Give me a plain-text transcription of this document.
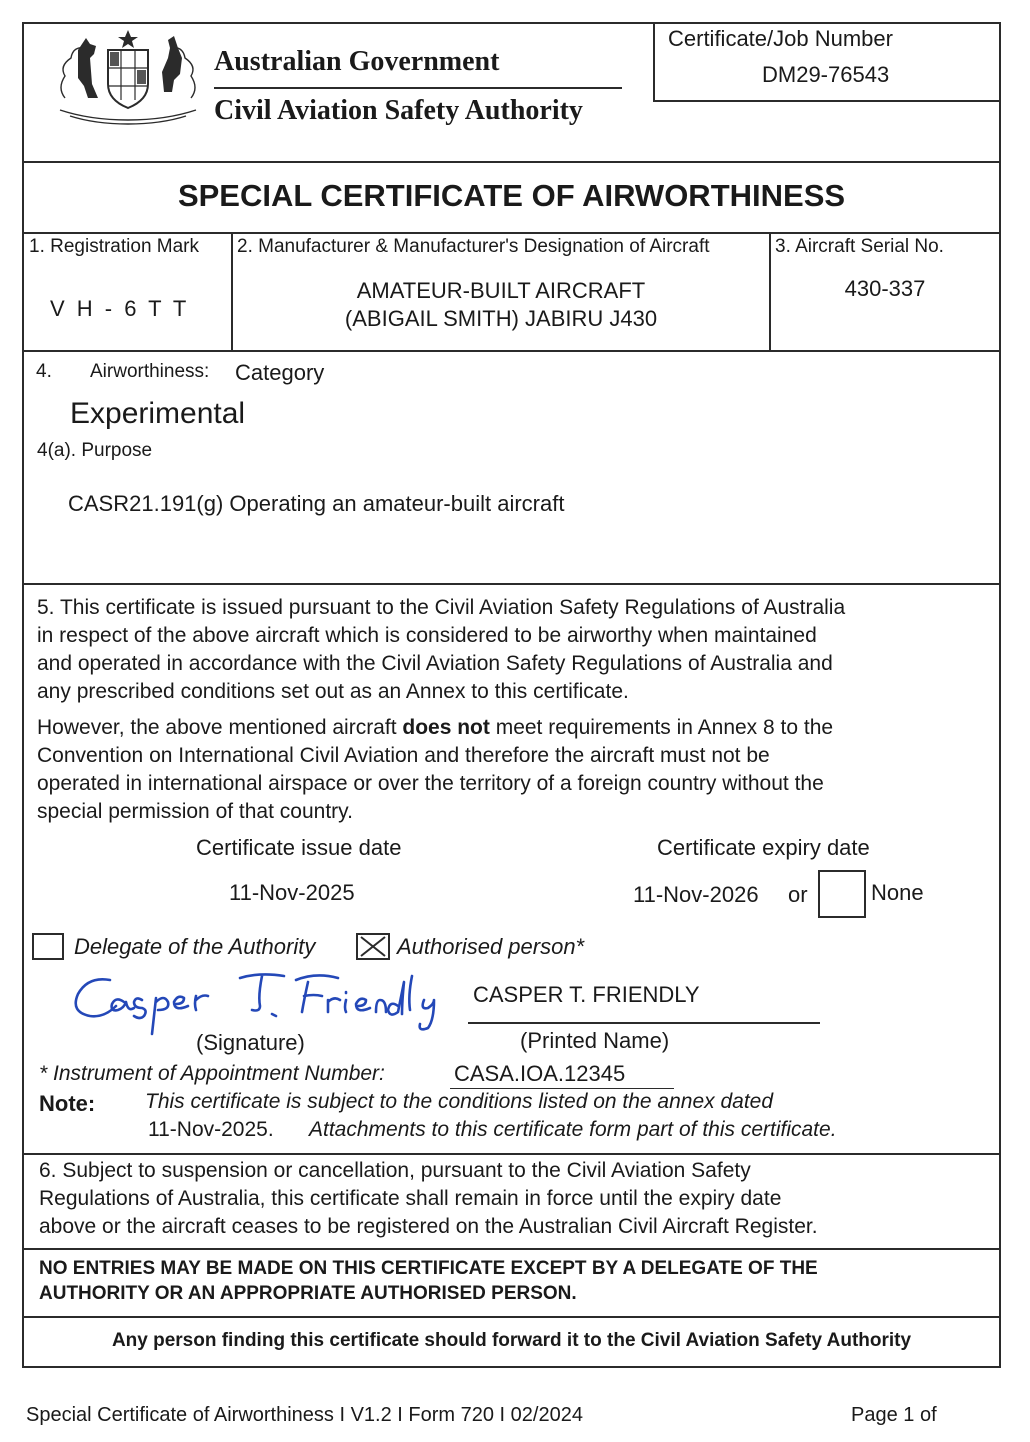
Australian Government
Civil Aviation Safety Authority
Certificate/Job Number
DM29-76543
SPECIAL CERTIFICATE OF AIRWORTHINESS
1. Registration Mark
V H - 6 T T
2. Manufacturer & Manufacturer's Designation of Aircraft
AMATEUR-BUILT AIRCRAFT
(ABIGAIL SMITH) JABIRU J430
3. Aircraft Serial No.
430-337
4. Airworthiness: Category
Experimental
4(a). Purpose
CASR21.191(g) Operating an amateur-built aircraft
5. This certificate is issued pursuant to the Civil Aviation Safety Regulations of Australia
in respect of the above aircraft which is considered to be airworthy when maintained
and operated in accordance with the Civil Aviation Safety Regulations of Australia and
any prescribed conditions set out as an Annex to this certificate.
However, the above mentioned aircraft does not meet requirements in Annex 8 to the
Convention on International Civil Aviation and therefore the aircraft must not be
operated in international airspace or over the territory of a foreign country without the
special permission of that country.
Certificate issue date
11-Nov-2025
Certificate expiry date
11-Nov-2026 or	None
Delegate of the Authority	Authorised person*
(Signature)
CASPER T. FRIENDLY
(Printed Name)
* Instrument of Appointment Number:	CASA.IOA.12345
Note: This certificate is subject to the conditions listed on the annex dated
11-Nov-2025. Attachments to this certificate form part of this certificate.
6. Subject to suspension or cancellation, pursuant to the Civil Aviation Safety
Regulations of Australia, this certificate shall remain in force until the expiry date
above or the aircraft ceases to be registered on the Australian Civil Aircraft Register.
NO ENTRIES MAY BE MADE ON THIS CERTIFICATE EXCEPT BY A DELEGATE OF THE
AUTHORITY OR AN APPROPRIATE AUTHORISED PERSON.
Any person finding this certificate should forward it to the Civil Aviation Safety Authority
Special Certificate of Airworthiness I V1.2 I Form 720 I 02/2024	Page 1 of
